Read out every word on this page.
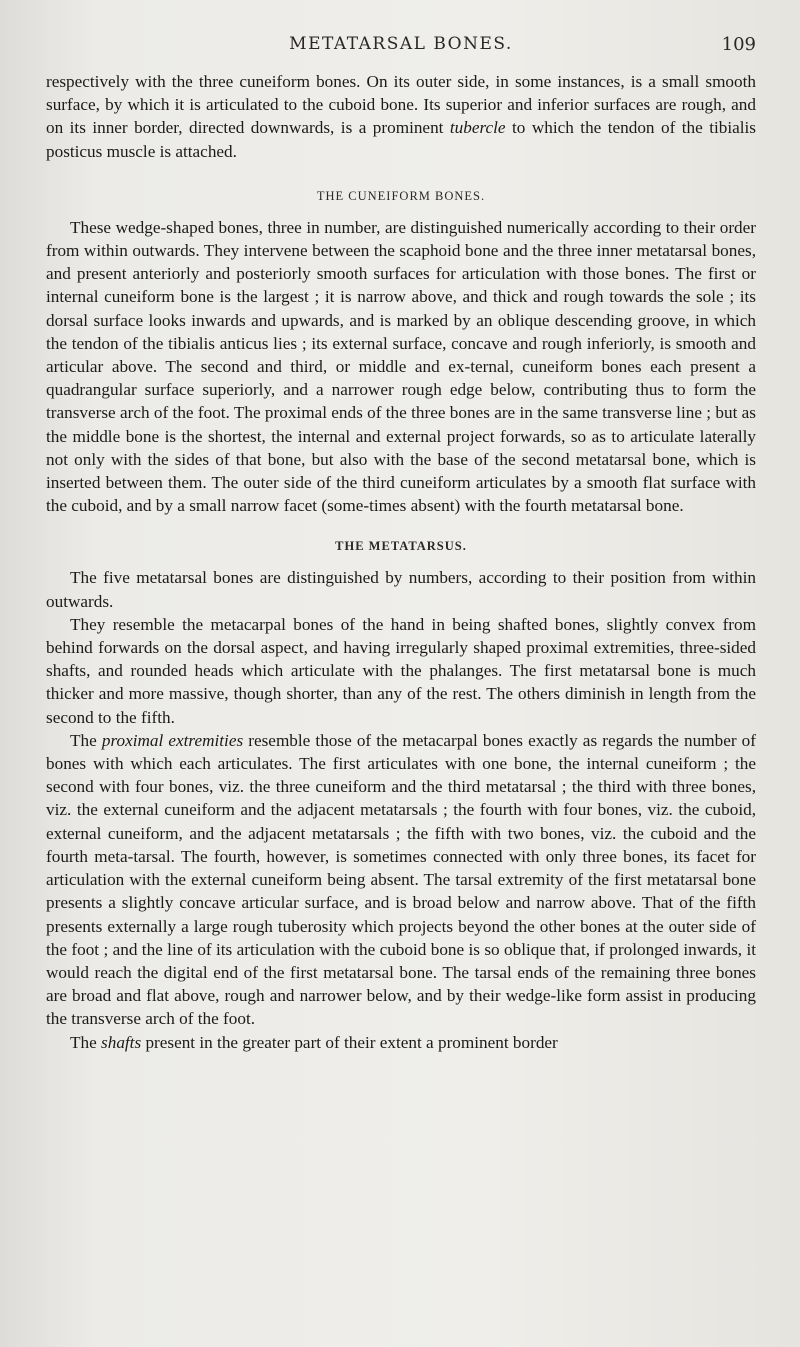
METATARSAL BONES.	109

respectively with the three cuneiform bones. On its outer side, in some instances, is a small smooth surface, by which it is articulated to the cuboid bone. Its superior and inferior surfaces are rough, and on its inner border, directed downwards, is a prominent tubercle to which the tendon of the tibialis posticus muscle is attached.

THE CUNEIFORM BONES.

These wedge-shaped bones, three in number, are distinguished numerically according to their order from within outwards. They intervene between the scaphoid bone and the three inner metatarsal bones, and present anteriorly and posteriorly smooth surfaces for articulation with those bones. The first or internal cuneiform bone is the largest ; it is narrow above, and thick and rough towards the sole ; its dorsal surface looks inwards and upwards, and is marked by an oblique descending groove, in which the tendon of the tibialis anticus lies ; its external surface, concave and rough inferiorly, is smooth and articular above. The second and third, or middle and ex-ternal, cuneiform bones each present a quadrangular surface superiorly, and a narrower rough edge below, contributing thus to form the transverse arch of the foot. The proximal ends of the three bones are in the same transverse line ; but as the middle bone is the shortest, the internal and external project forwards, so as to articulate laterally not only with the sides of that bone, but also with the base of the second metatarsal bone, which is inserted between them. The outer side of the third cuneiform articulates by a smooth flat surface with the cuboid, and by a small narrow facet (some-times absent) with the fourth metatarsal bone.

THE METATARSUS.

The five metatarsal bones are distinguished by numbers, according to their position from within outwards.

They resemble the metacarpal bones of the hand in being shafted bones, slightly convex from behind forwards on the dorsal aspect, and having irregularly shaped proximal extremities, three-sided shafts, and rounded heads which articulate with the phalanges. The first metatarsal bone is much thicker and more massive, though shorter, than any of the rest. The others diminish in length from the second to the fifth.

The proximal extremities resemble those of the metacarpal bones exactly as regards the number of bones with which each articulates. The first articulates with one bone, the internal cuneiform ; the second with four bones, viz. the three cuneiform and the third metatarsal ; the third with three bones, viz. the external cuneiform and the adjacent metatarsals ; the fourth with four bones, viz. the cuboid, external cuneiform, and the adjacent metatarsals ; the fifth with two bones, viz. the cuboid and the fourth meta-tarsal. The fourth, however, is sometimes connected with only three bones, its facet for articulation with the external cuneiform being absent. The tarsal extremity of the first metatarsal bone presents a slightly concave articular surface, and is broad below and narrow above. That of the fifth presents externally a large rough tuberosity which projects beyond the other bones at the outer side of the foot ; and the line of its articulation with the cuboid bone is so oblique that, if prolonged inwards, it would reach the digital end of the first metatarsal bone. The tarsal ends of the remaining three bones are broad and flat above, rough and narrower below, and by their wedge-like form assist in producing the transverse arch of the foot.

The shafts present in the greater part of their extent a prominent border
